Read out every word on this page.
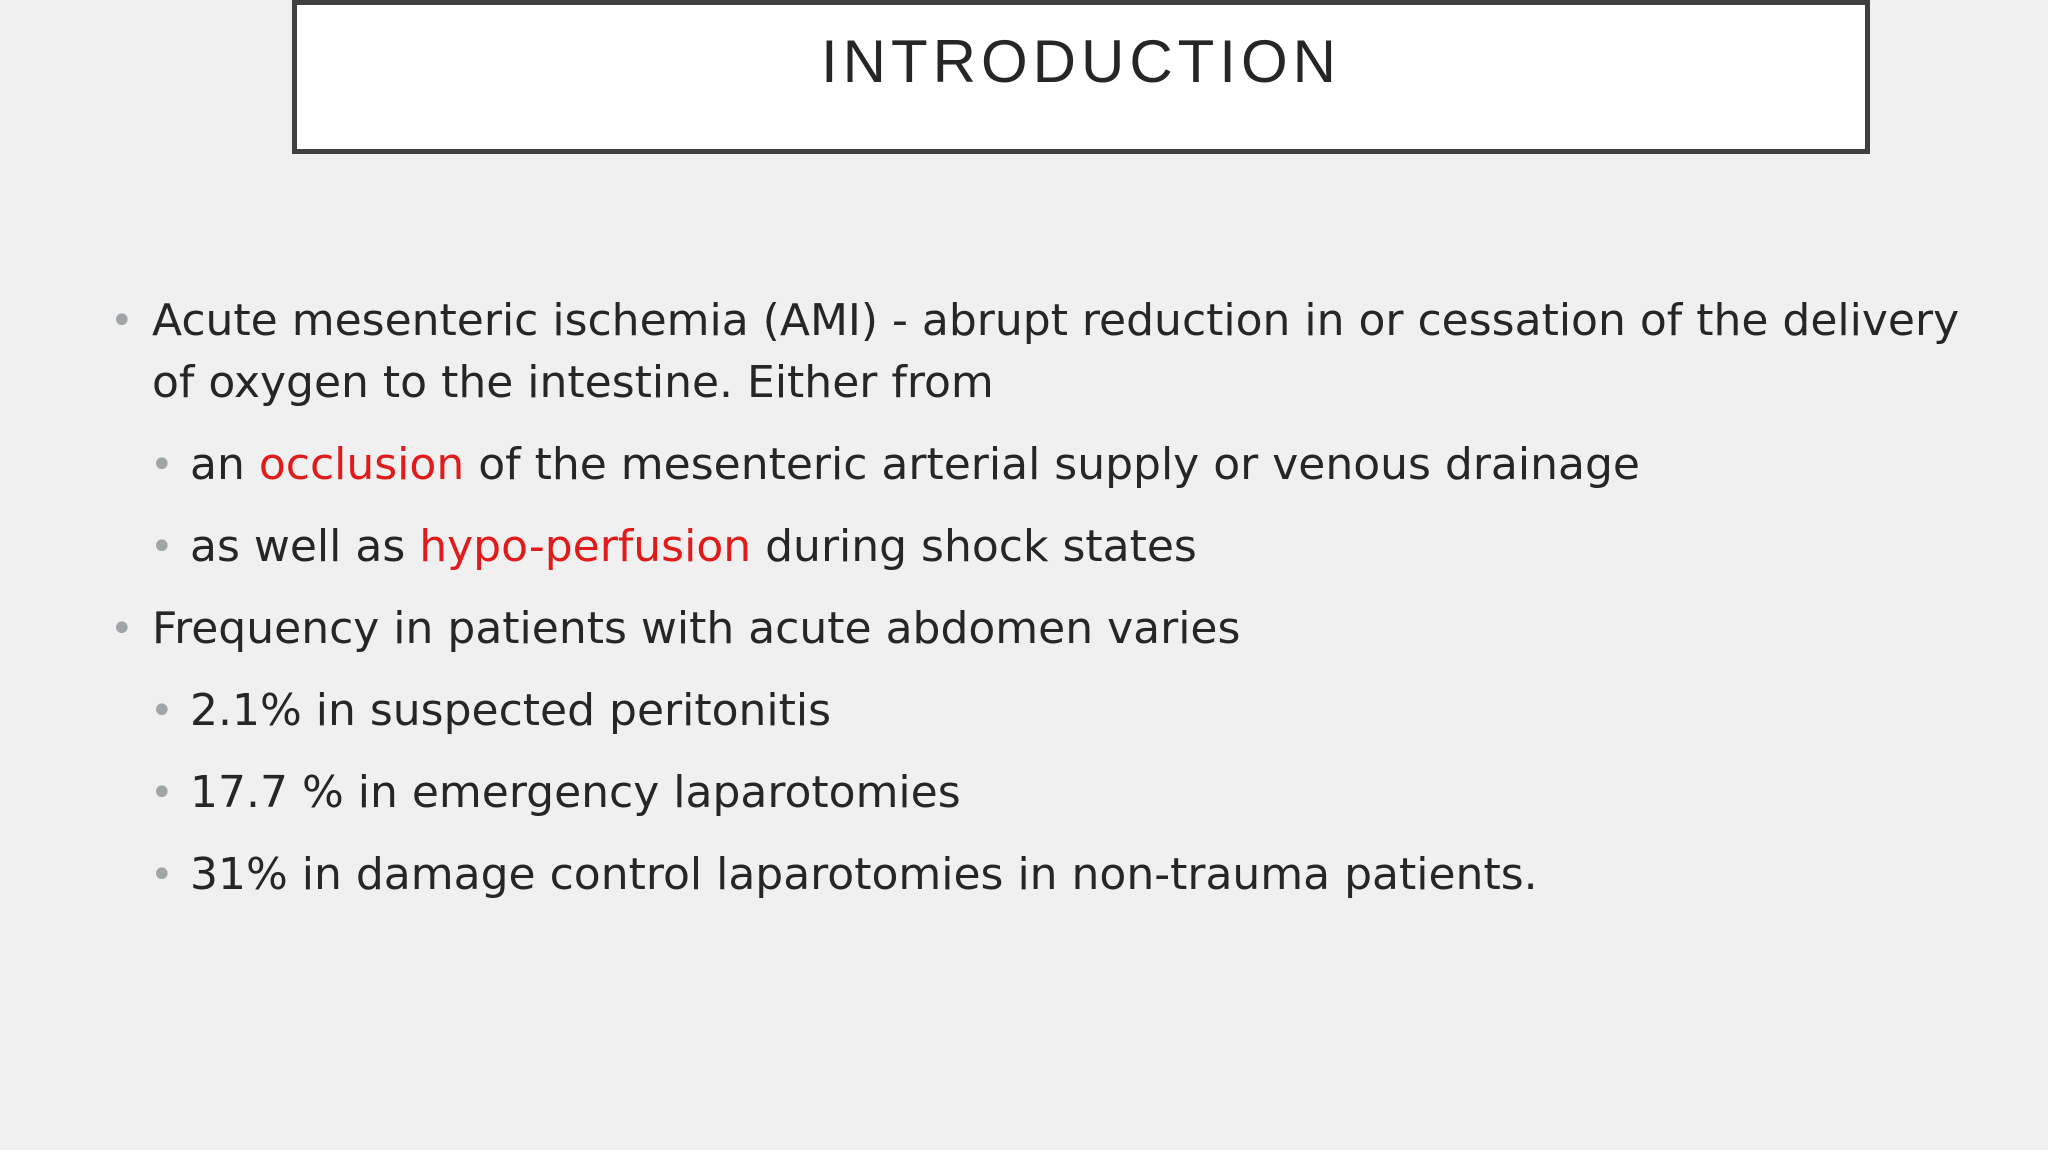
INTRODUCTION
• Acute mesenteric ischemia (AMI) - abrupt reduction in or cessation of the delivery of oxygen to the intestine. Either from
• an occlusion of the mesenteric arterial supply or venous drainage
• as well as hypo-perfusion during shock states
• Frequency in patients with acute abdomen varies
• 2.1% in suspected peritonitis
• 17.7 % in emergency laparotomies
• 31% in damage control laparotomies in non-trauma patients.
